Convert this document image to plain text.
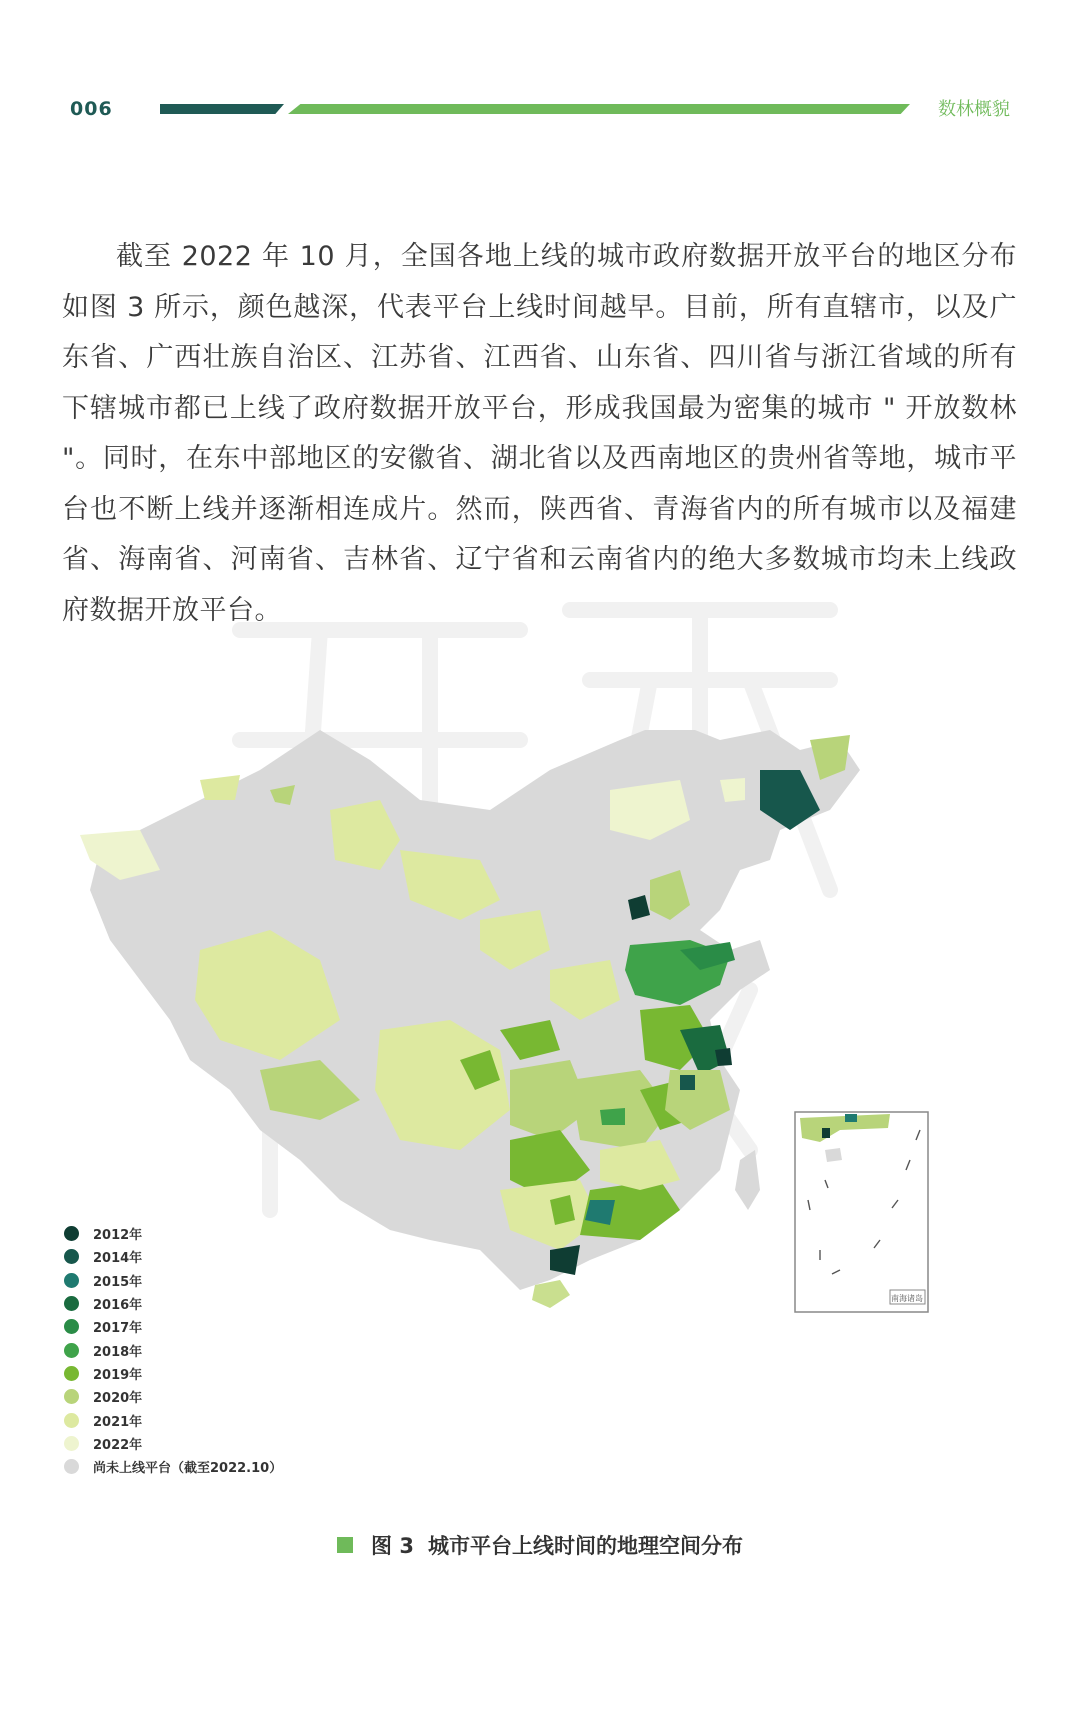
006	数林概貌

截至 2022 年 10 月，全国各地上线的城市政府数据开放平台的地区分布如图 3 所示，颜色越深，代表平台上线时间越早。目前，所有直辖市，以及广东省、广西壮族自治区、江苏省、江西省、山东省、四川省与浙江省域的所有下辖城市都已上线了政府数据开放平台，形成我国最为密集的城市 " 开放数林 "。同时，在东中部地区的安徽省、湖北省以及西南地区的贵州省等地，城市平台也不断上线并逐渐相连成片。然而，陕西省、青海省内的所有城市以及福建省、海南省、河南省、吉林省、辽宁省和云南省内的绝大多数城市均未上线政府数据开放平台。

南海诸岛
2012年
2014年
2015年
2016年
2017年
2018年
2019年
2020年
2021年
2022年
尚未上线平台（截至2022.10）
图 3 城市平台上线时间的地理空间分布
